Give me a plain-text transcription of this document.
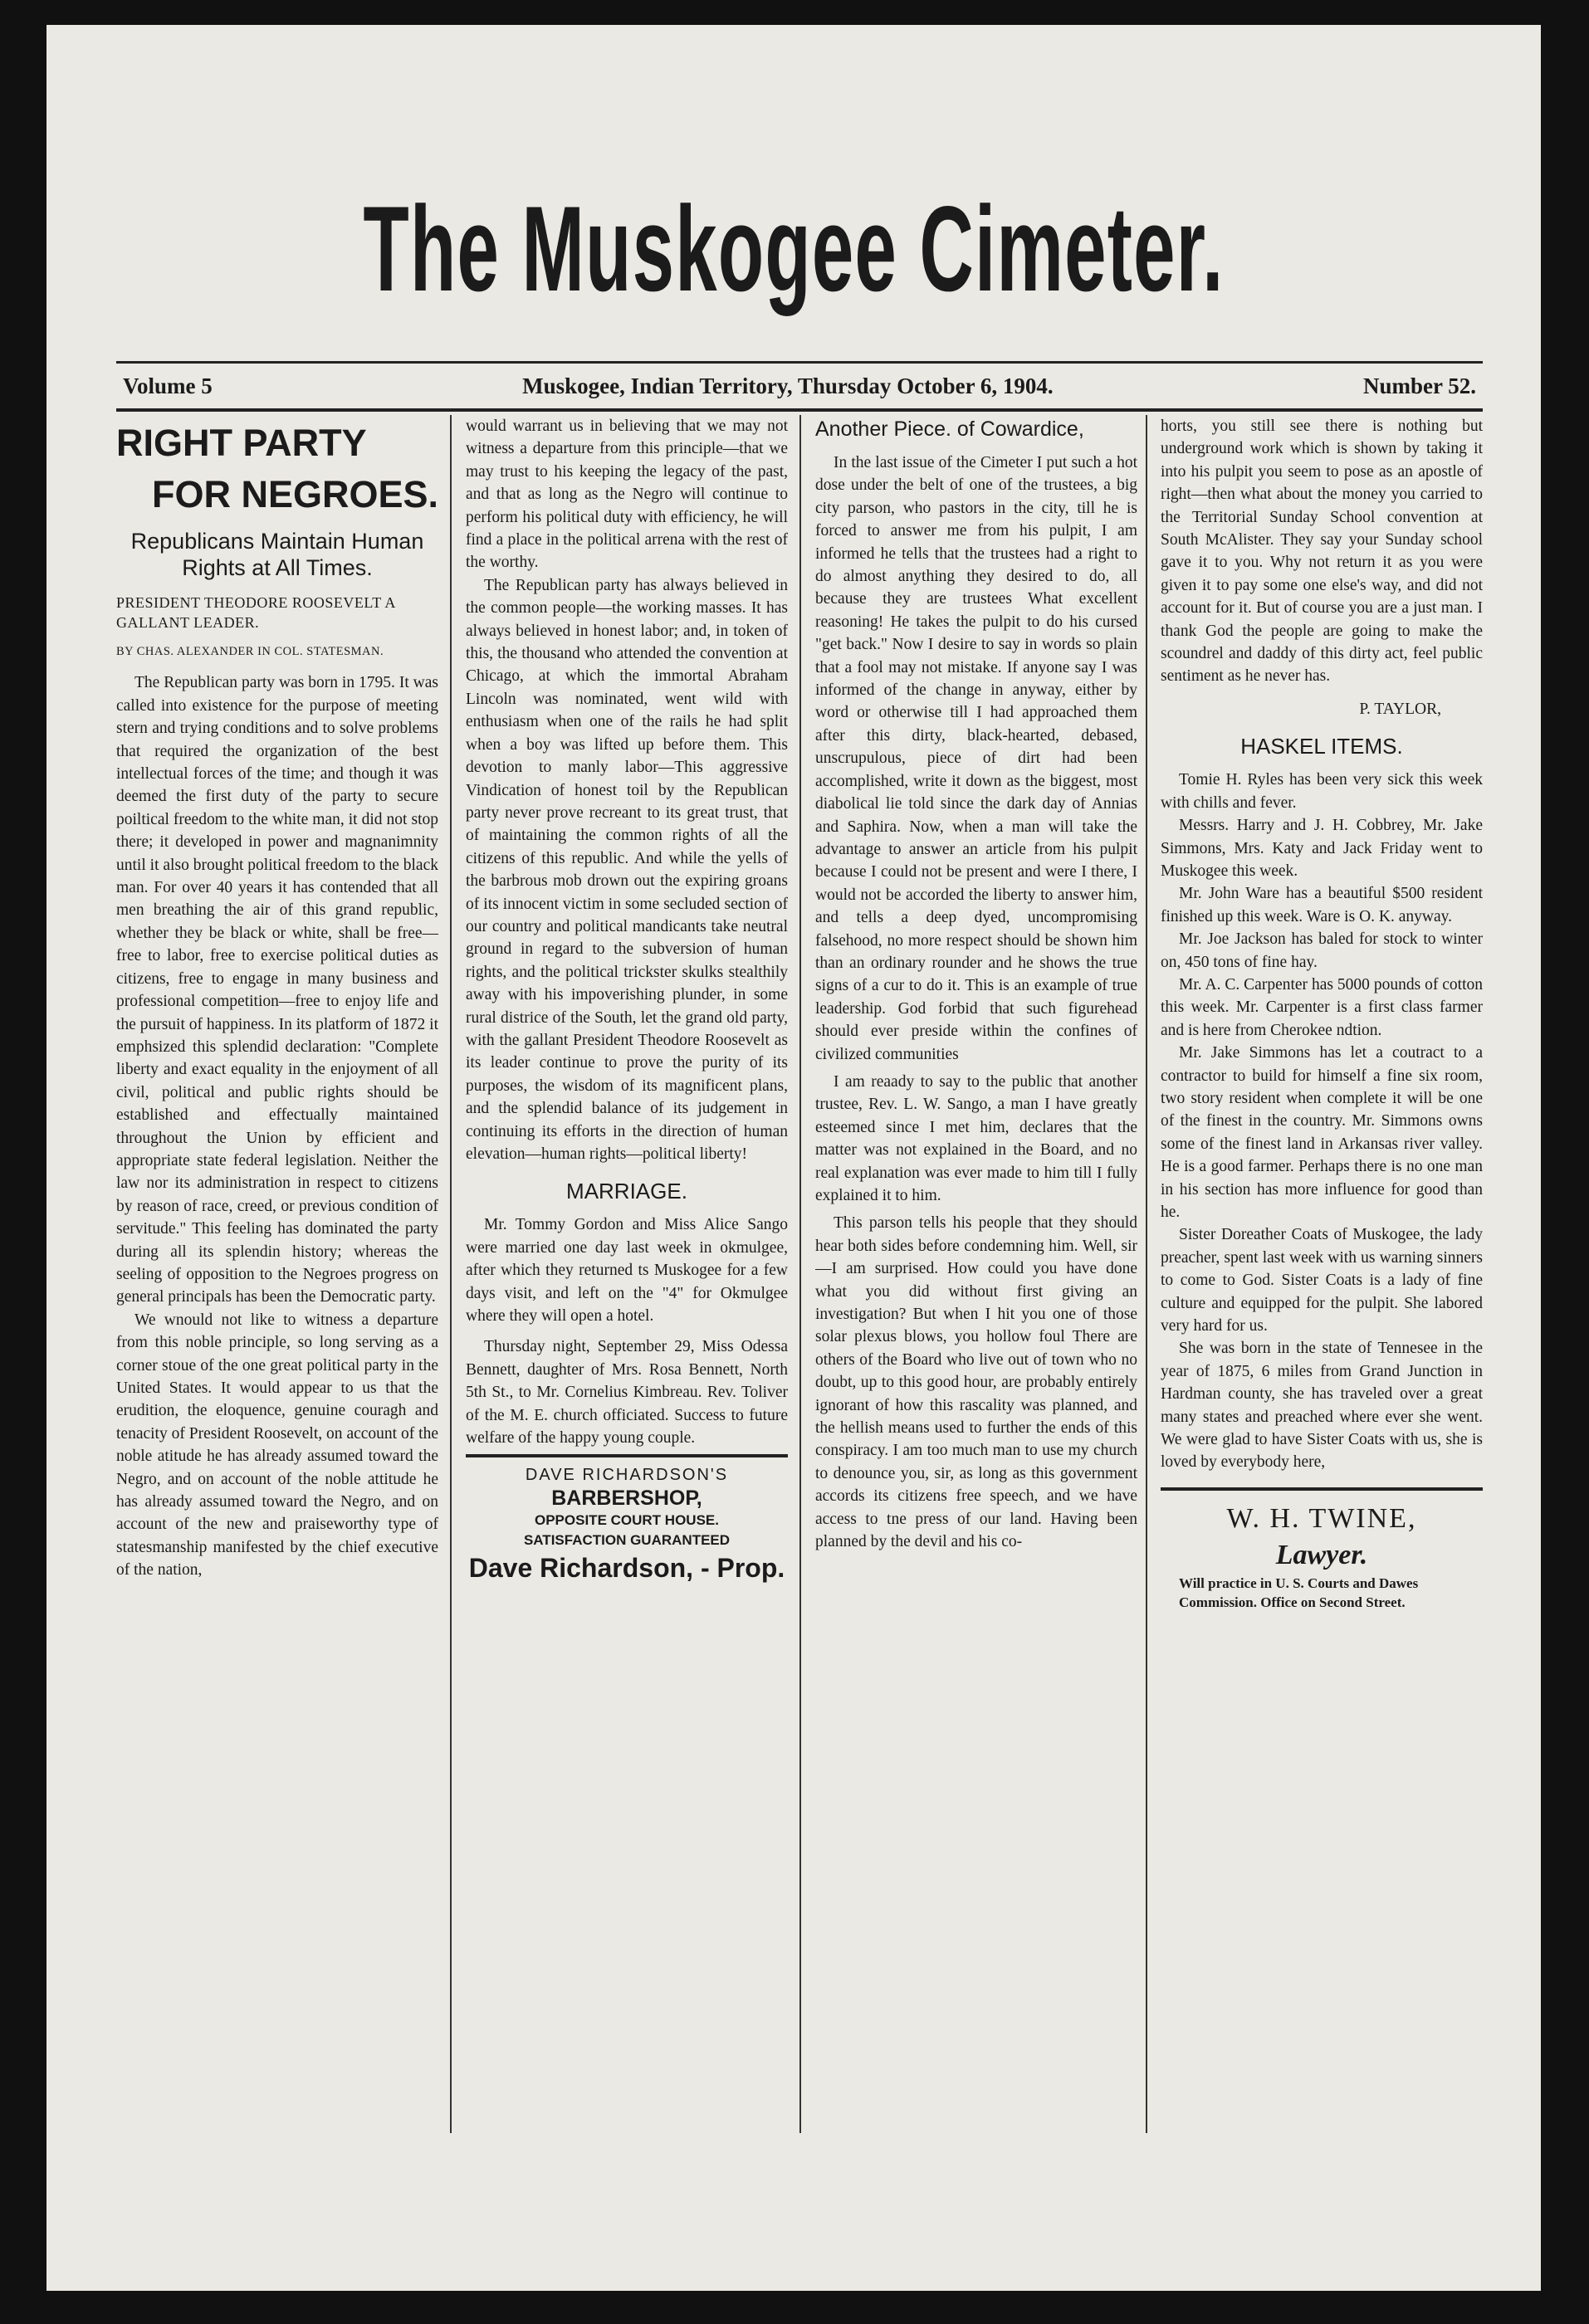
The Muskogee Cimeter.
Volume 5	Muskogee, Indian Territory, Thursday October 6, 1904.	Number 52.
RIGHT PARTY
FOR NEGROES.
Republicans Maintain Human Rights at All Times.
PRESIDENT THEODORE ROOSEVELT A GALLANT LEADER.
BY CHAS. ALEXANDER IN COL. STATESMAN.

The Republican party was born in 1795. It was called into existence for the purpose of meeting stern and trying conditions and to solve problems that required the organization of the best intellectual forces of the time; and though it was deemed the first duty of the party to secure poiltical freedom to the white man, it did not stop there; it developed in power and magnanimnity until it also brought political freedom to the black man. For over 40 years it has contended that all men breathing the air of this grand republic, whether they be black or white, shall be free—free to labor, free to exercise political duties as citizens, free to engage in many business and professional competition—free to enjoy life and the pursuit of happiness. In its platform of 1872 it emphsized this splendid declaration: "Complete liberty and exact equality in the enjoyment of all civil, political and public rights should be established and effectually maintained throughout the Union by efficient and appropriate state federal legislation. Neither the law nor its administration in respect to citizens by reason of race, creed, or previous condition of servitude." This feeling has dominated the party during all its splendin history; whereas the seeling of opposition to the Negroes progress on general principals has been the Democratic party.

We wnould not like to witness a departure from this noble principle, so long serving as a corner stoue of the one great political party in the United States. It would appear to us that the erudition, the eloquence, genuine couragh and tenacity of President Roosevelt, on account of the noble atitude he has already assumed toward the Negro, and on account of the noble attitude he has already assumed toward the Negro, and on account of the new and praiseworthy type of statesmanship manifested by the chief executive of the nation,

would warrant us in believing that we may not witness a departure from this principle—that we may trust to his keeping the legacy of the past, and that as long as the Negro will continue to perform his political duty with efficiency, he will find a place in the political arrena with the rest of the worthy.

The Republican party has always believed in the common people—the working masses. It has always believed in honest labor; and, in token of this, the thousand who attended the convention at Chicago, at which the immortal Abraham Lincoln was nominated, went wild with enthusiasm when one of the rails he had split when a boy was lifted up before them. This devotion to manly labor—This aggressive Vindication of honest toil by the Republican party never prove recreant to its great trust, that of maintaining the common rights of all the citizens of this republic. And while the yells of the barbrous mob drown out the expiring groans of its innocent victim in some secluded section of our country and political mandicants take neutral ground in regard to the subversion of human rights, and the political trickster skulks stealthily away with his impoverishing plunder, in some rural districe of the South, let the grand old party, with the gallant President Theodore Roosevelt as its leader continue to prove the purity of its purposes, the wisdom of its magnificent plans, and the splendid balance of its judgement in continuing its efforts in the direction of human elevation—human rights—political liberty!

MARRIAGE.

Mr. Tommy Gordon and Miss Alice Sango were married one day last week in okmulgee, after which they returned ts Muskogee for a few days visit, and left on the "4" for Okmulgee where they will open a hotel.

Thursday night, September 29, Miss Odessa Bennett, daughter of Mrs. Rosa Bennett, North 5th St., to Mr. Cornelius Kimbreau. Rev. Toliver of the M. E. church officiated. Success to future welfare of the happy young couple.

DAVE RICHARDSON'S
BARBERSHOP,
OPPOSITE COURT HOUSE.
SATISFACTION GUARANTEED
Dave Richardson, - Prop.
Another Piece. of Cowardice,

In the last issue of the Cimeter I put such a hot dose under the belt of one of the trustees, a big city parson, who pastors in the city, till he is forced to answer me from his pulpit, I am informed he tells that the trustees had a right to do almost anything they desired to do, all because they are trustees What excellent reasoning! He takes the pulpit to do his cursed "get back." Now I desire to say in words so plain that a fool may not mistake. If anyone say I was informed of the change in anyway, either by word or otherwise till I had approached them after this dirty, black-hearted, debased, unscrupulous, piece of dirt had been accomplished, write it down as the biggest, most diabolical lie told since the dark day of Annias and Saphira. Now, when a man will take the advantage to answer an article from his pulpit because I could not be present and were I there, I would not be accorded the liberty to answer him, and tells a deep dyed, uncompromising falsehood, no more respect should be shown him than an ordinary rounder and he shows the true signs of a cur to do it. This is an example of true leadership. God forbid that such figurehead should ever preside within the confines of civilized communities

I am reaady to say to the public that another trustee, Rev. L. W. Sango, a man I have greatly esteemed since I met him, declares that the matter was not explained in the Board, and no real explanation was ever made to him till I fully explained it to him.

This parson tells his people that they should hear both sides before condemning him. Well, sir—I am surprised. How could you have done what you did without first giving an investigation? But when I hit you one of those solar plexus blows, you hollow foul There are others of the Board who live out of town who no doubt, up to this good hour, are probably entirely ignorant of how this rascality was planned, and the hellish means used to further the ends of this conspiracy. I am too much man to use my church to denounce you, sir, as long as this government accords its citizens free speech, and we have access to tne press of our land. Having been planned by the devil and his co-

horts, you still see there is nothing but underground work which is shown by taking it into his pulpit you seem to pose as an apostle of right—then what about the money you carried to the Territorial Sunday School convention at South McAlister. They say your Sunday school gave it to you. Why not return it as you were given it to pay some one else's way, and did not account for it. But of course you are a just man. I thank God the people are going to make the scoundrel and daddy of this dirty act, feel public sentiment as he never has.

P. TAYLOR,
HASKEL ITEMS.

Tomie H. Ryles has been very sick this week with chills and fever.

Messrs. Harry and J. H. Cobbrey, Mr. Jake Simmons, Mrs. Katy and Jack Friday went to Muskogee this week.

Mr. John Ware has a beautiful $500 resident finished up this week. Ware is O. K. anyway.

Mr. Joe Jackson has baled for stock to winter on, 450 tons of fine hay.

Mr. A. C. Carpenter has 5000 pounds of cotton this week. Mr. Carpenter is a first class farmer and is here from Cherokee ndtion.

Mr. Jake Simmons has let a coutract to a contractor to build for himself a fine six room, two story resident when complete it will be one of the finest in the country. Mr. Simmons owns some of the finest land in Arkansas river valley. He is a good farmer. Perhaps there is no one man in his section has more influence for good than he.

Sister Doreather Coats of Muskogee, the lady preacher, spent last week with us warning sinners to come to God. Sister Coats is a lady of fine culture and equipped for the pulpit. She labored very hard for us.

She was born in the state of Tennesee in the year of 1875, 6 miles from Grand Junction in Hardman county, she has traveled over a great many states and preached where ever she went. We were glad to have Sister Coats with us, she is loved by everybody here,

W. H. TWINE,
Lawyer.
Will practice in U. S. Courts and Dawes Commission. Office on Second Street.
